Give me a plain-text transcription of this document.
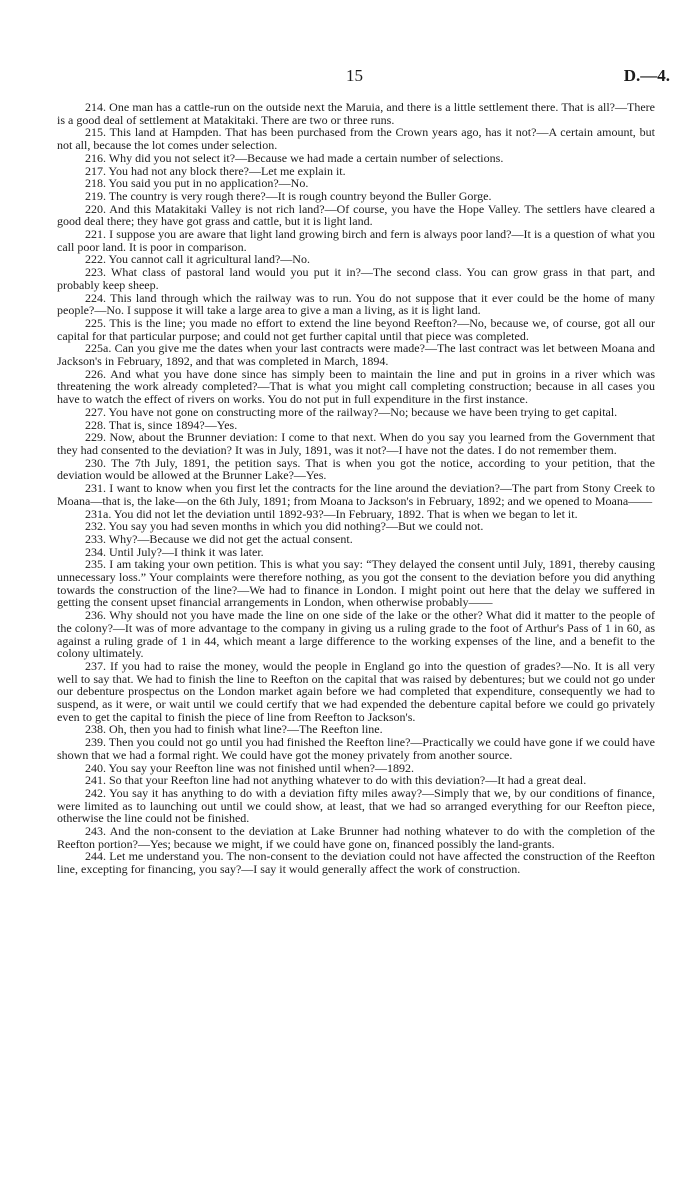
15	D.—4.

214. One man has a cattle-run on the outside next the Maruia, and there is a little settlement there. That is all?—There is a good deal of settlement at Matakitaki. There are two or three runs.

215. This land at Hampden. That has been purchased from the Crown years ago, has it not?—A certain amount, but not all, because the lot comes under selection.

216. Why did you not select it?—Because we had made a certain number of selections.

217. You had not any block there?—Let me explain it.

218. You said you put in no application?—No.

219. The country is very rough there?—It is rough country beyond the Buller Gorge.

220. And this Matakitaki Valley is not rich land?—Of course, you have the Hope Valley. The settlers have cleared a good deal there; they have got grass and cattle, but it is light land.

221. I suppose you are aware that light land growing birch and fern is always poor land?—It is a question of what you call poor land. It is poor in comparison.

222. You cannot call it agricultural land?—No.

223. What class of pastoral land would you put it in?—The second class. You can grow grass in that part, and probably keep sheep.

224. This land through which the railway was to run. You do not suppose that it ever could be the home of many people?—No. I suppose it will take a large area to give a man a living, as it is light land.

225. This is the line; you made no effort to extend the line beyond Reefton?—No, because we, of course, got all our capital for that particular purpose; and could not get further capital until that piece was completed.

225a. Can you give me the dates when your last contracts were made?—The last contract was let between Moana and Jackson's in February, 1892, and that was completed in March, 1894.

226. And what you have done since has simply been to maintain the line and put in groins in a river which was threatening the work already completed?—That is what you might call completing construction; because in all cases you have to watch the effect of rivers on works. You do not put in full expenditure in the first instance.

227. You have not gone on constructing more of the railway?—No; because we have been trying to get capital.

228. That is, since 1894?—Yes.

229. Now, about the Brunner deviation: I come to that next. When do you say you learned from the Government that they had consented to the deviation? It was in July, 1891, was it not?—I have not the dates. I do not remember them.

230. The 7th July, 1891, the petition says. That is when you got the notice, according to your petition, that the deviation would be allowed at the Brunner Lake?—Yes.

231. I want to know when you first let the contracts for the line around the deviation?—The part from Stony Creek to Moana—that is, the lake—on the 6th July, 1891; from Moana to Jackson's in February, 1892; and we opened to Moana——

231a. You did not let the deviation until 1892-93?—In February, 1892. That is when we began to let it.

232. You say you had seven months in which you did nothing?—But we could not.

233. Why?—Because we did not get the actual consent.

234. Until July?—I think it was later.

235. I am taking your own petition. This is what you say: “They delayed the consent until July, 1891, thereby causing unnecessary loss.” Your complaints were therefore nothing, as you got the consent to the deviation before you did anything towards the construction of the line?—We had to finance in London. I might point out here that the delay we suffered in getting the consent upset financial arrangements in London, when otherwise probably——

236. Why should not you have made the line on one side of the lake or the other? What did it matter to the people of the colony?—It was of more advantage to the company in giving us a ruling grade to the foot of Arthur's Pass of 1 in 60, as against a ruling grade of 1 in 44, which meant a large difference to the working expenses of the line, and a benefit to the colony ultimately.

237. If you had to raise the money, would the people in England go into the question of grades?—No. It is all very well to say that. We had to finish the line to Reefton on the capital that was raised by debentures; but we could not go under our debenture prospectus on the London market again before we had completed that expenditure, consequently we had to suspend, as it were, or wait until we could certify that we had expended the debenture capital before we could go privately even to get the capital to finish the piece of line from Reefton to Jackson's.

238. Oh, then you had to finish what line?—The Reefton line.

239. Then you could not go until you had finished the Reefton line?—Practically we could have gone if we could have shown that we had a formal right. We could have got the money privately from another source.

240. You say your Reefton line was not finished until when?—1892.

241. So that your Reefton line had not anything whatever to do with this deviation?—It had a great deal.

242. You say it has anything to do with a deviation fifty miles away?—Simply that we, by our conditions of finance, were limited as to launching out until we could show, at least, that we had so arranged everything for our Reefton piece, otherwise the line could not be finished.

243. And the non-consent to the deviation at Lake Brunner had nothing whatever to do with the completion of the Reefton portion?—Yes; because we might, if we could have gone on, financed possibly the land-grants.

244. Let me understand you. The non-consent to the deviation could not have affected the construction of the Reefton line, excepting for financing, you say?—I say it would generally affect the work of construction.
